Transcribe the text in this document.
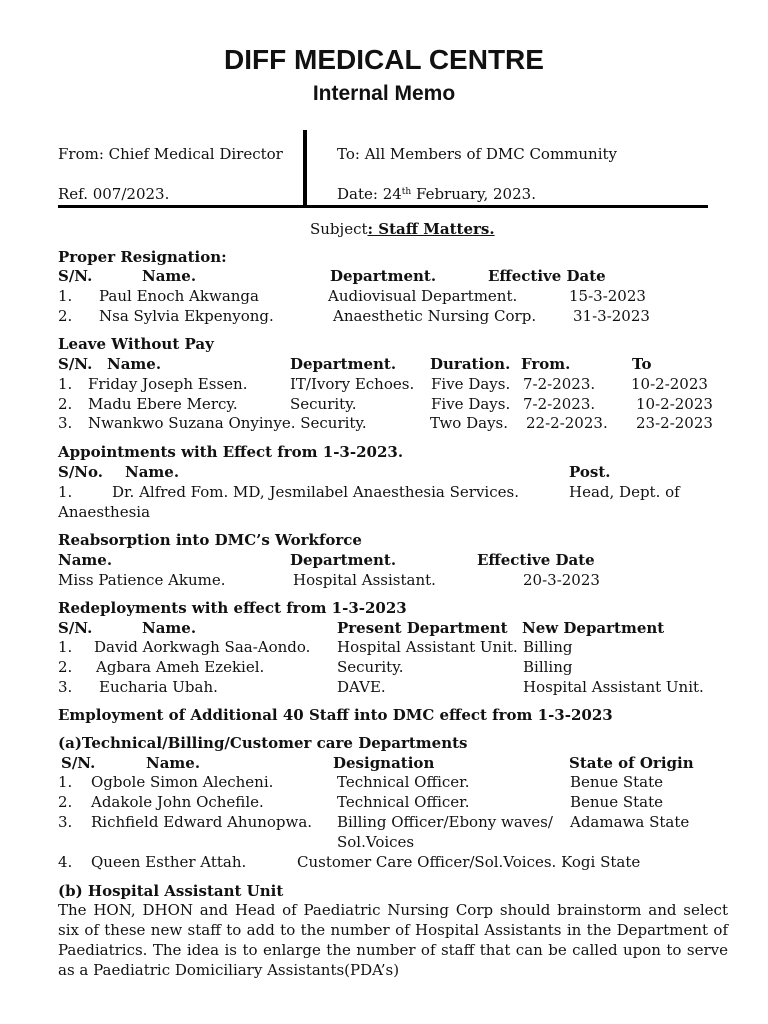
DIFF MEDICAL CENTRE
Internal Memo
From: Chief Medical Director	To: All Members of DMC Community
Ref. 007/2023.	Date: 24th February, 2023.
Subject: Staff Matters.
Proper Resignation:
S/N.	Name.	Department.	Effective Date
1. Paul Enoch Akwanga	Audiovisual Department.	15-3-2023
2. Nsa Sylvia Ekpenyong.	Anaesthetic Nursing Corp. 31-3-2023
Leave Without Pay
S/N. Name.	Department. Duration. From.	To
1. Friday Joseph Essen.	IT/Ivory Echoes. Five Days. 7-2-2023. 10-2-2023
2. Madu Ebere Mercy.	Security.	Five Days. 7-2-2023.	10-2-2023
3. Nwankwo Suzana Onyinye. Security.	Two Days. 22-2-2023. 23-2-2023
Appointments with Effect from 1-3-2023.
S/No. Name.	Post.
1.	Dr. Alfred Fom. MD, Jesmilabel Anaesthesia Services.	Head, Dept. of
Anaesthesia
Reabsorption into DMC’s Workforce
Name.	Department.	Effective Date
Miss Patience Akume.	Hospital Assistant.	20-3-2023
Redeployments with effect from 1-3-2023
S/N.	Name.	Present Department New Department
1. David Aorkwagh Saa-Aondo. Hospital Assistant Unit. Billing
2. Agbara Ameh Ezekiel.	Security.	Billing
3. Eucharia Ubah.	DAVE.	Hospital Assistant Unit.
Employment of Additional 40 Staff into DMC effect from 1-3-2023
(a)Technical/Billing/Customer care Departments
S/N.	Name.	Designation	State of Origin
1. Ogbole Simon Alecheni.	Technical Officer.	Benue State
2. Adakole John Ochefile.	Technical Officer.	Benue State
3. Richfield Edward Ahunopwa. Billing Officer/Ebony waves/ Adamawa State
Sol.Voices
4. Queen Esther Attah.	Customer Care Officer/Sol.Voices. Kogi State
(b) Hospital Assistant Unit
The HON, DHON and Head of Paediatric Nursing Corp should brainstorm and select six of these new staff to add to the number of Hospital Assistants in the Department of Paediatrics. The idea is to enlarge the number of staff that can be called upon to serve as a Paediatric Domiciliary Assistants(PDA’s)
